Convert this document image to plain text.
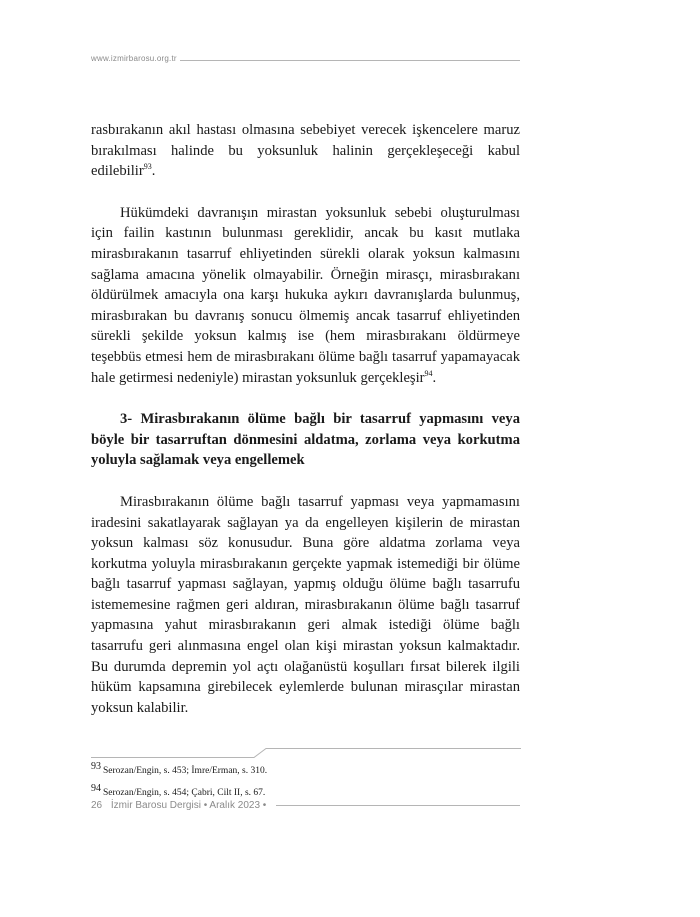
www.izmirbarosu.org.tr

rasbırakanın akıl hastası olmasına sebebiyet verecek işkencelere maruz bırakılması halinde bu yoksunluk halinin gerçekleşeceği kabul edilebilir$^{93}$.

Hükümdeki davranışın mirastan yoksunluk sebebi oluşturulması için failin kastının bulunması gereklidir, ancak bu kasıt mutlaka mirasbırakanın tasarruf ehliyetinden sürekli olarak yoksun kalmasını sağlama amacına yönelik olmayabilir. Örneğin mirasçı, mirasbırakanı öldürülmek amacıyla ona karşı hukuka aykırı davranışlarda bulunmuş, mirasbırakan bu davranış sonucu ölmemiş ancak tasarruf ehliyetinden sürekli şekilde yoksun kalmış ise (hem mirasbırakanı öldürmeye teşebbüs etmesi hem de mirasbırakanı ölüme bağlı tasarruf yapamayacak hale getirmesi nedeniyle) mirastan yoksunluk gerçekleşir$^{94}$.

3- Mirasbırakanın ölüme bağlı bir tasarruf yapmasını veya böyle bir tasarruftan dönmesini aldatma, zorlama veya korkutma yoluyla sağlamak veya engellemek

Mirasbırakanın ölüme bağlı tasarruf yapması veya yapmamasını iradesini sakatlayarak sağlayan ya da engelleyen kişilerin de mirastan yoksun kalması söz konusudur. Buna göre aldatma zorlama veya korkutma yoluyla mirasbırakanın gerçekte yapmak istemediği bir ölüme bağlı tasarruf yapması sağlayan, yapmış olduğu ölüme bağlı tasarrufu istememesine rağmen geri aldıran, mirasbırakanın ölüme bağlı tasarruf yapmasına yahut mirasbırakanın geri almak istediği ölüme bağlı tasarrufu geri alınmasına engel olan kişi mirastan yoksun kalmaktadır. Bu durumda depremin yol açtı olağanüstü koşulları fırsat bilerek ilgili hüküm kapsamına girebilecek eylemlerde bulunan mirasçılar mirastan yoksun kalabilir.

93 Serozan/Engin, s. 453; İmre/Erman, s. 310.
94 Serozan/Engin, s. 454; Çabri, Cilt II, s. 67.
26 İzmir Barosu Dergisi • Aralık 2023 •
